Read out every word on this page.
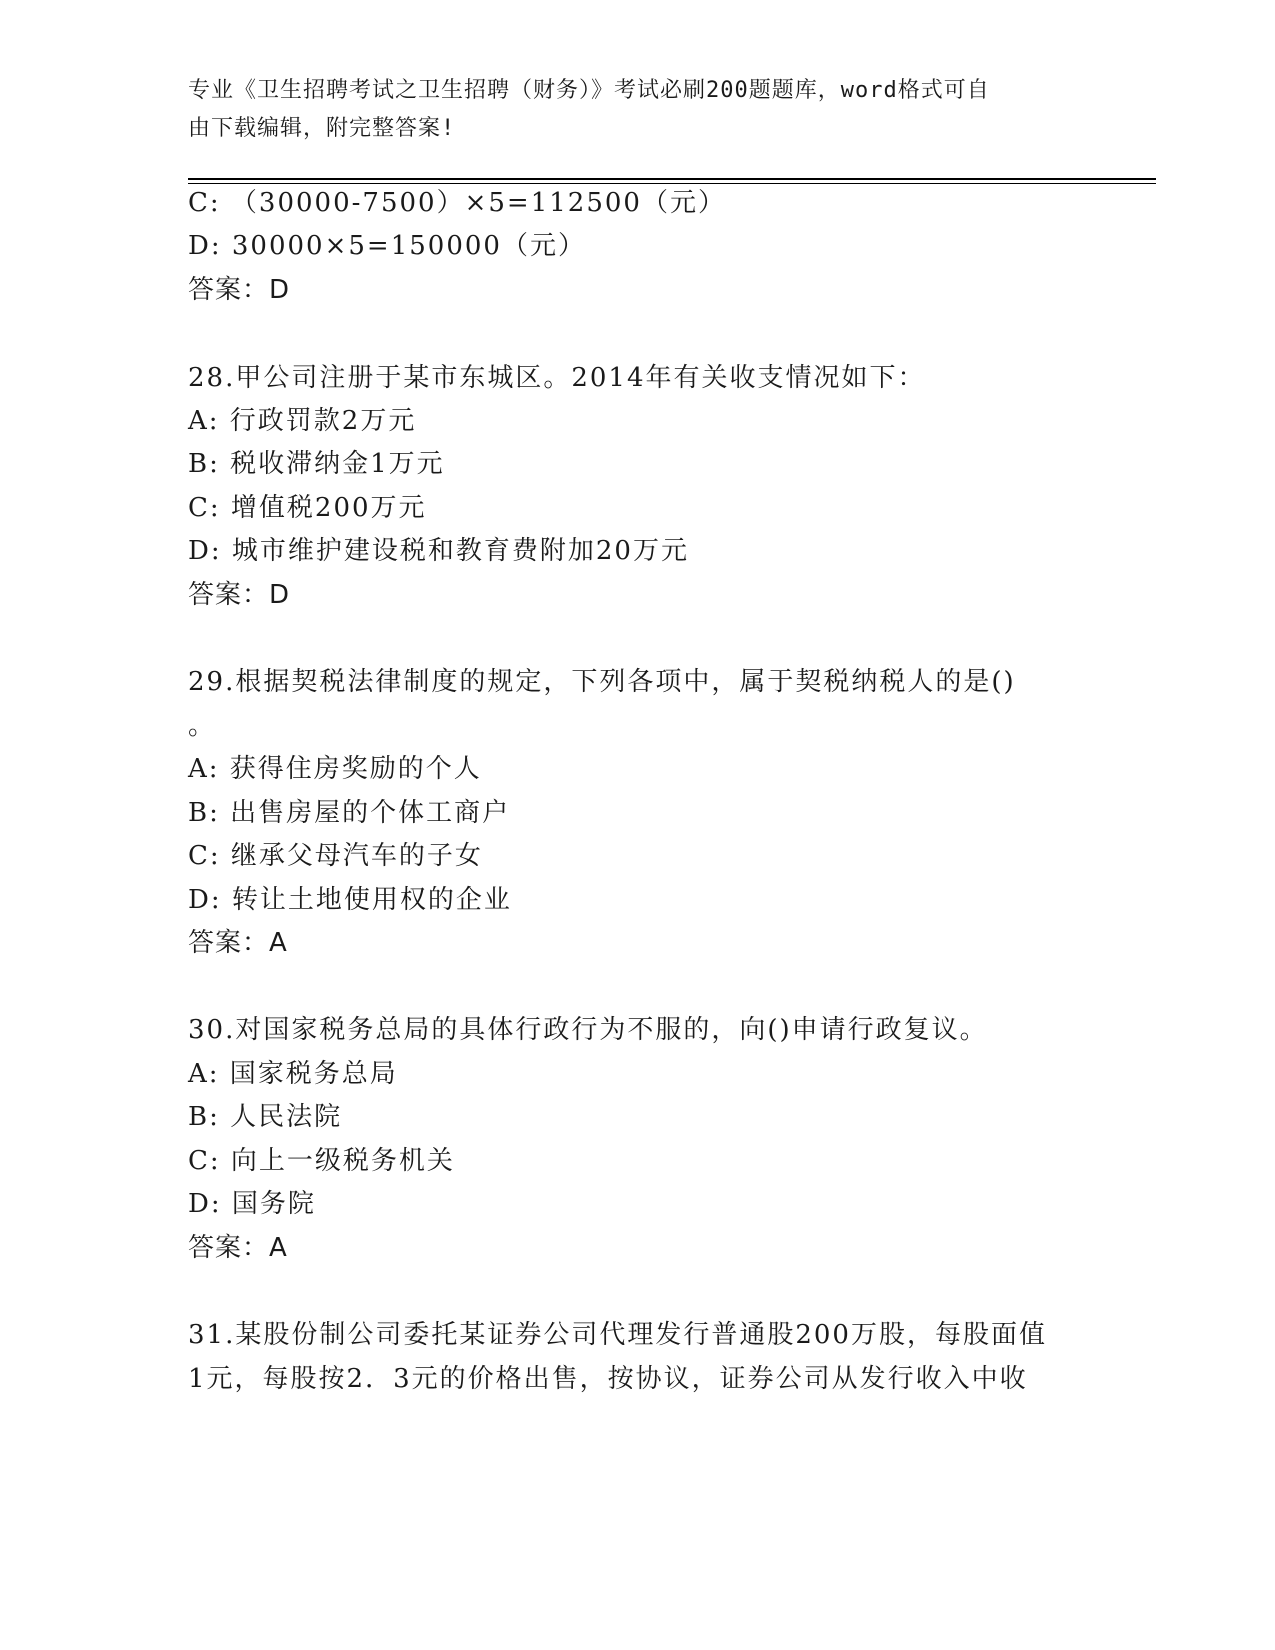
专业《卫生招聘考试之卫生招聘（财务）》考试必刷200题题库，word格式可自
由下载编辑，附完整答案!
C: （30000-7500）×5=112500（元）
D: 30000×5=150000（元）
答案：D
28.甲公司注册于某市东城区。2014年有关收支情况如下：
A: 行政罚款2万元
B: 税收滞纳金1万元
C: 增值税200万元
D: 城市维护建设税和教育费附加20万元
答案：D
29.根据契税法律制度的规定，下列各项中，属于契税纳税人的是()
。
A: 获得住房奖励的个人
B: 出售房屋的个体工商户
C: 继承父母汽车的子女
D: 转让土地使用权的企业
答案：A
30.对国家税务总局的具体行政行为不服的，向()申请行政复议。
A: 国家税务总局
B: 人民法院
C: 向上一级税务机关
D: 国务院
答案：A
31.某股份制公司委托某证券公司代理发行普通股200万股，每股面值
1元，每股按2．3元的价格出售，按协议，证券公司从发行收入中收
